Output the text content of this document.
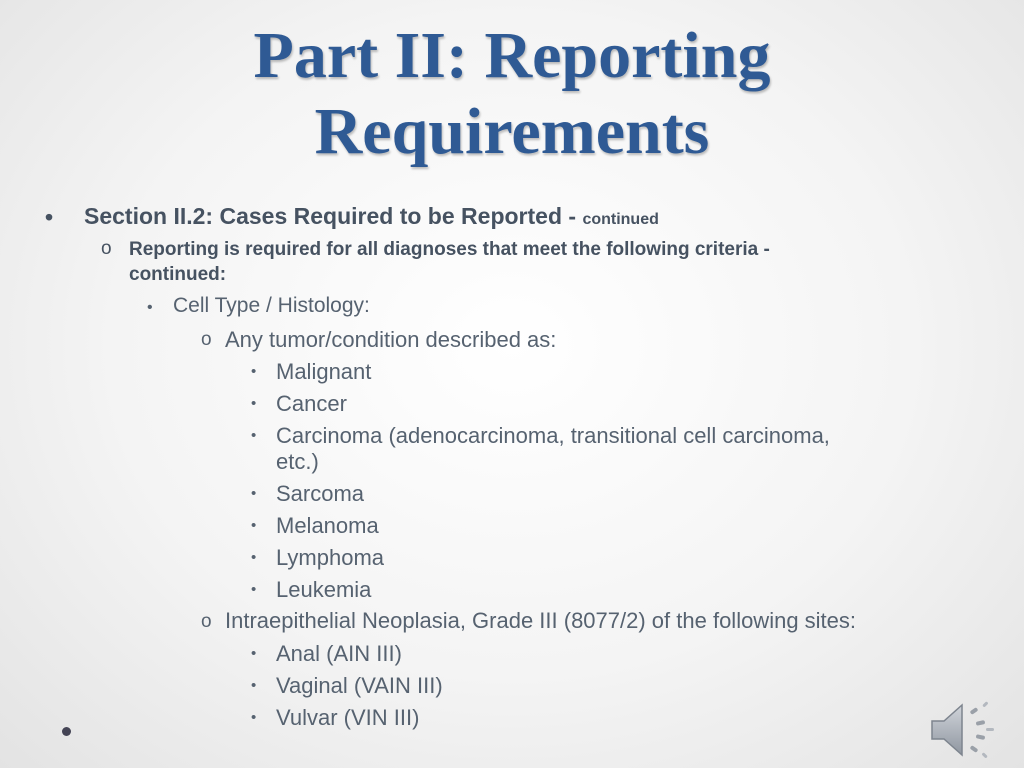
Part II: Reporting
Requirements
• Section II.2: Cases Required to be Reported - continued
o Reporting is required for all diagnoses that meet the following criteria -
continued:
• Cell Type / Histology:
o Any tumor/condition described as:
• Malignant
• Cancer
• Carcinoma (adenocarcinoma, transitional cell carcinoma,
etc.)
• Sarcoma
• Melanoma
• Lymphoma
• Leukemia
o Intraepithelial Neoplasia, Grade III (8077/2) of the following sites:
• Anal (AIN III)
• Vaginal (VAIN III)
• Vulvar (VIN III)
